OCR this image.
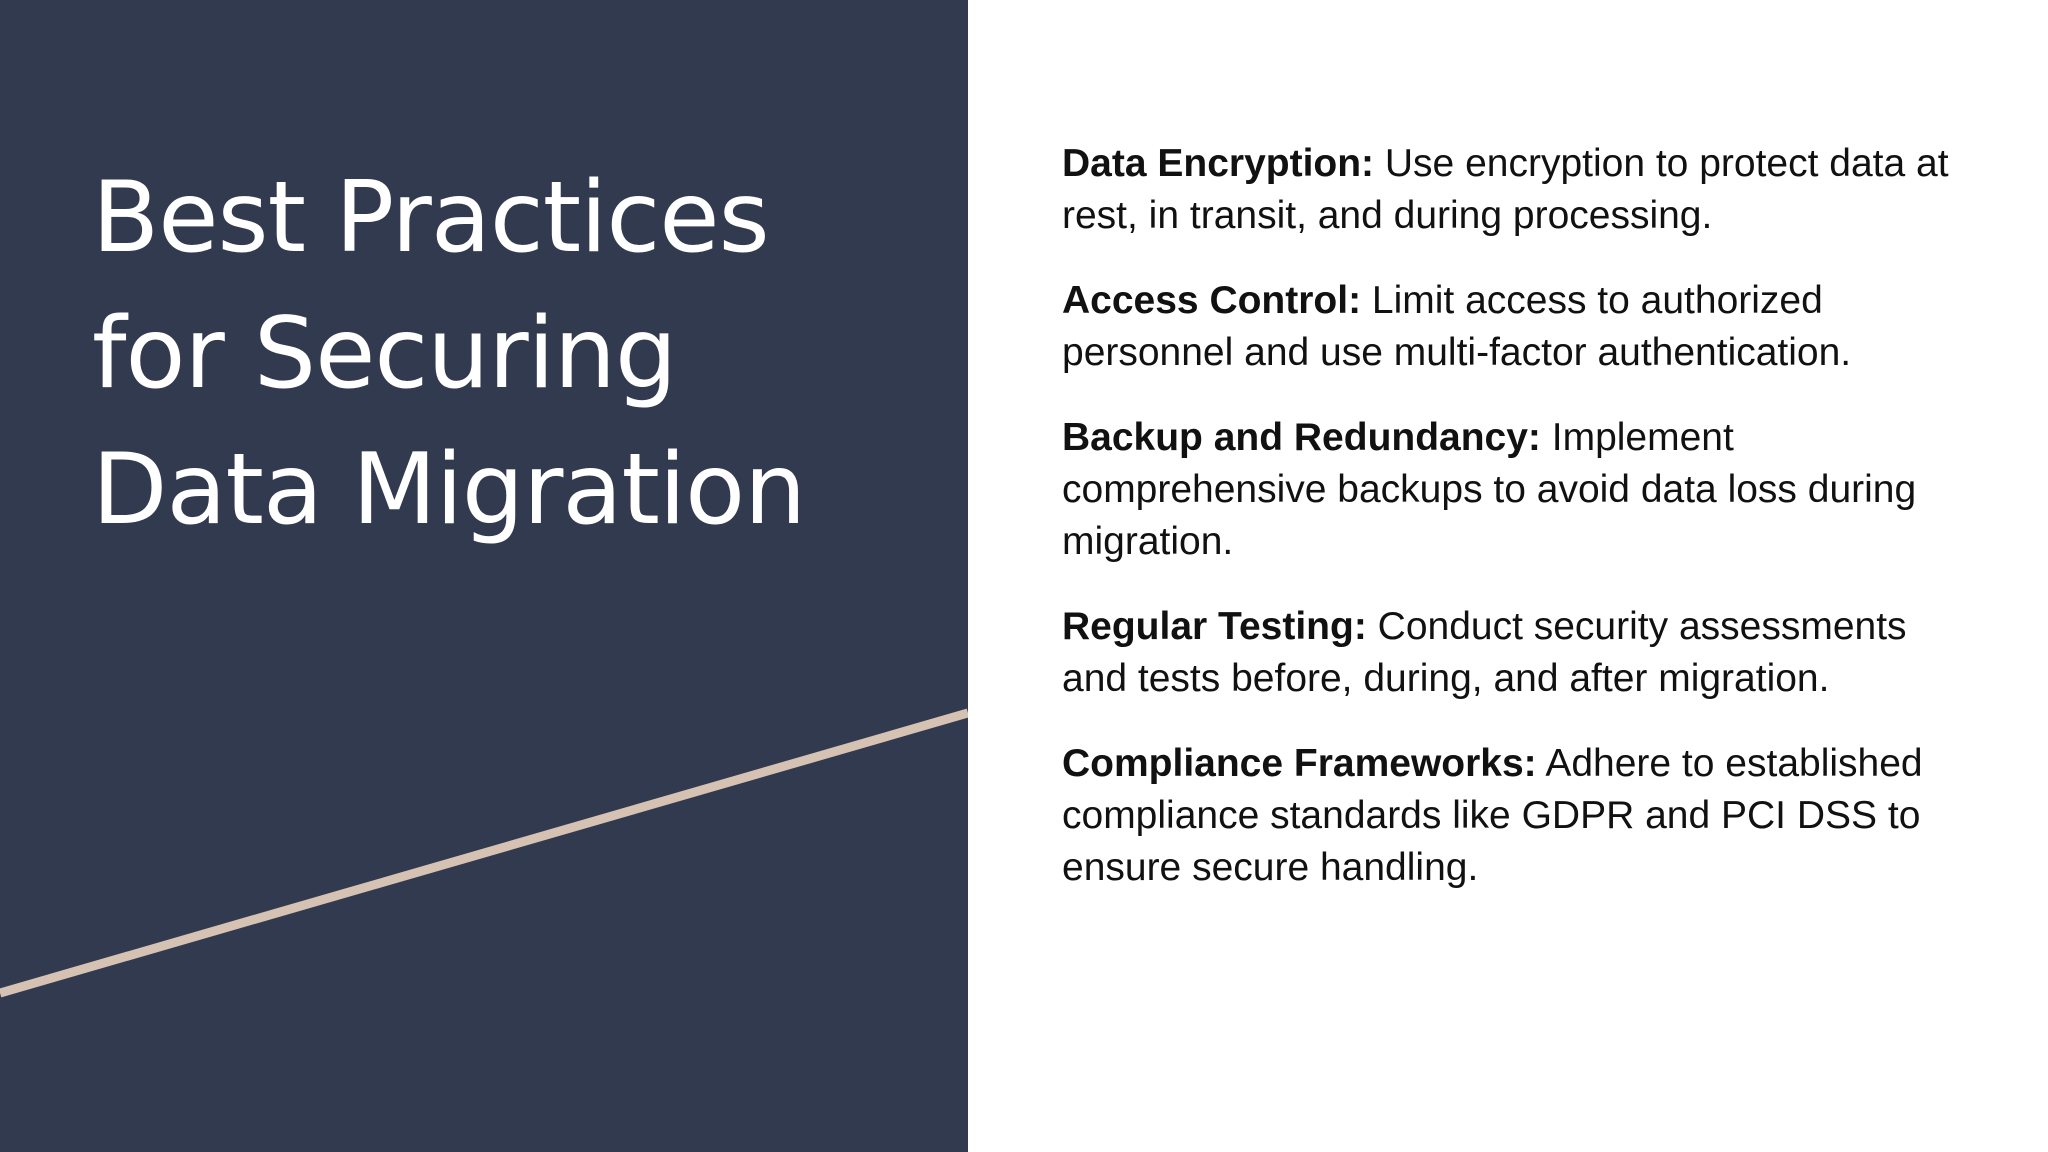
Best Practices
for Securing
Data Migration

Data Encryption: Use encryption to protect data at rest, in transit, and during processing.

Access Control: Limit access to authorized personnel and use multi-factor authentication.

Backup and Redundancy: Implement comprehensive backups to avoid data loss during migration.

Regular Testing: Conduct security assessments and tests before, during, and after migration.

Compliance Frameworks: Adhere to established compliance standards like GDPR and PCI DSS to ensure secure handling.
